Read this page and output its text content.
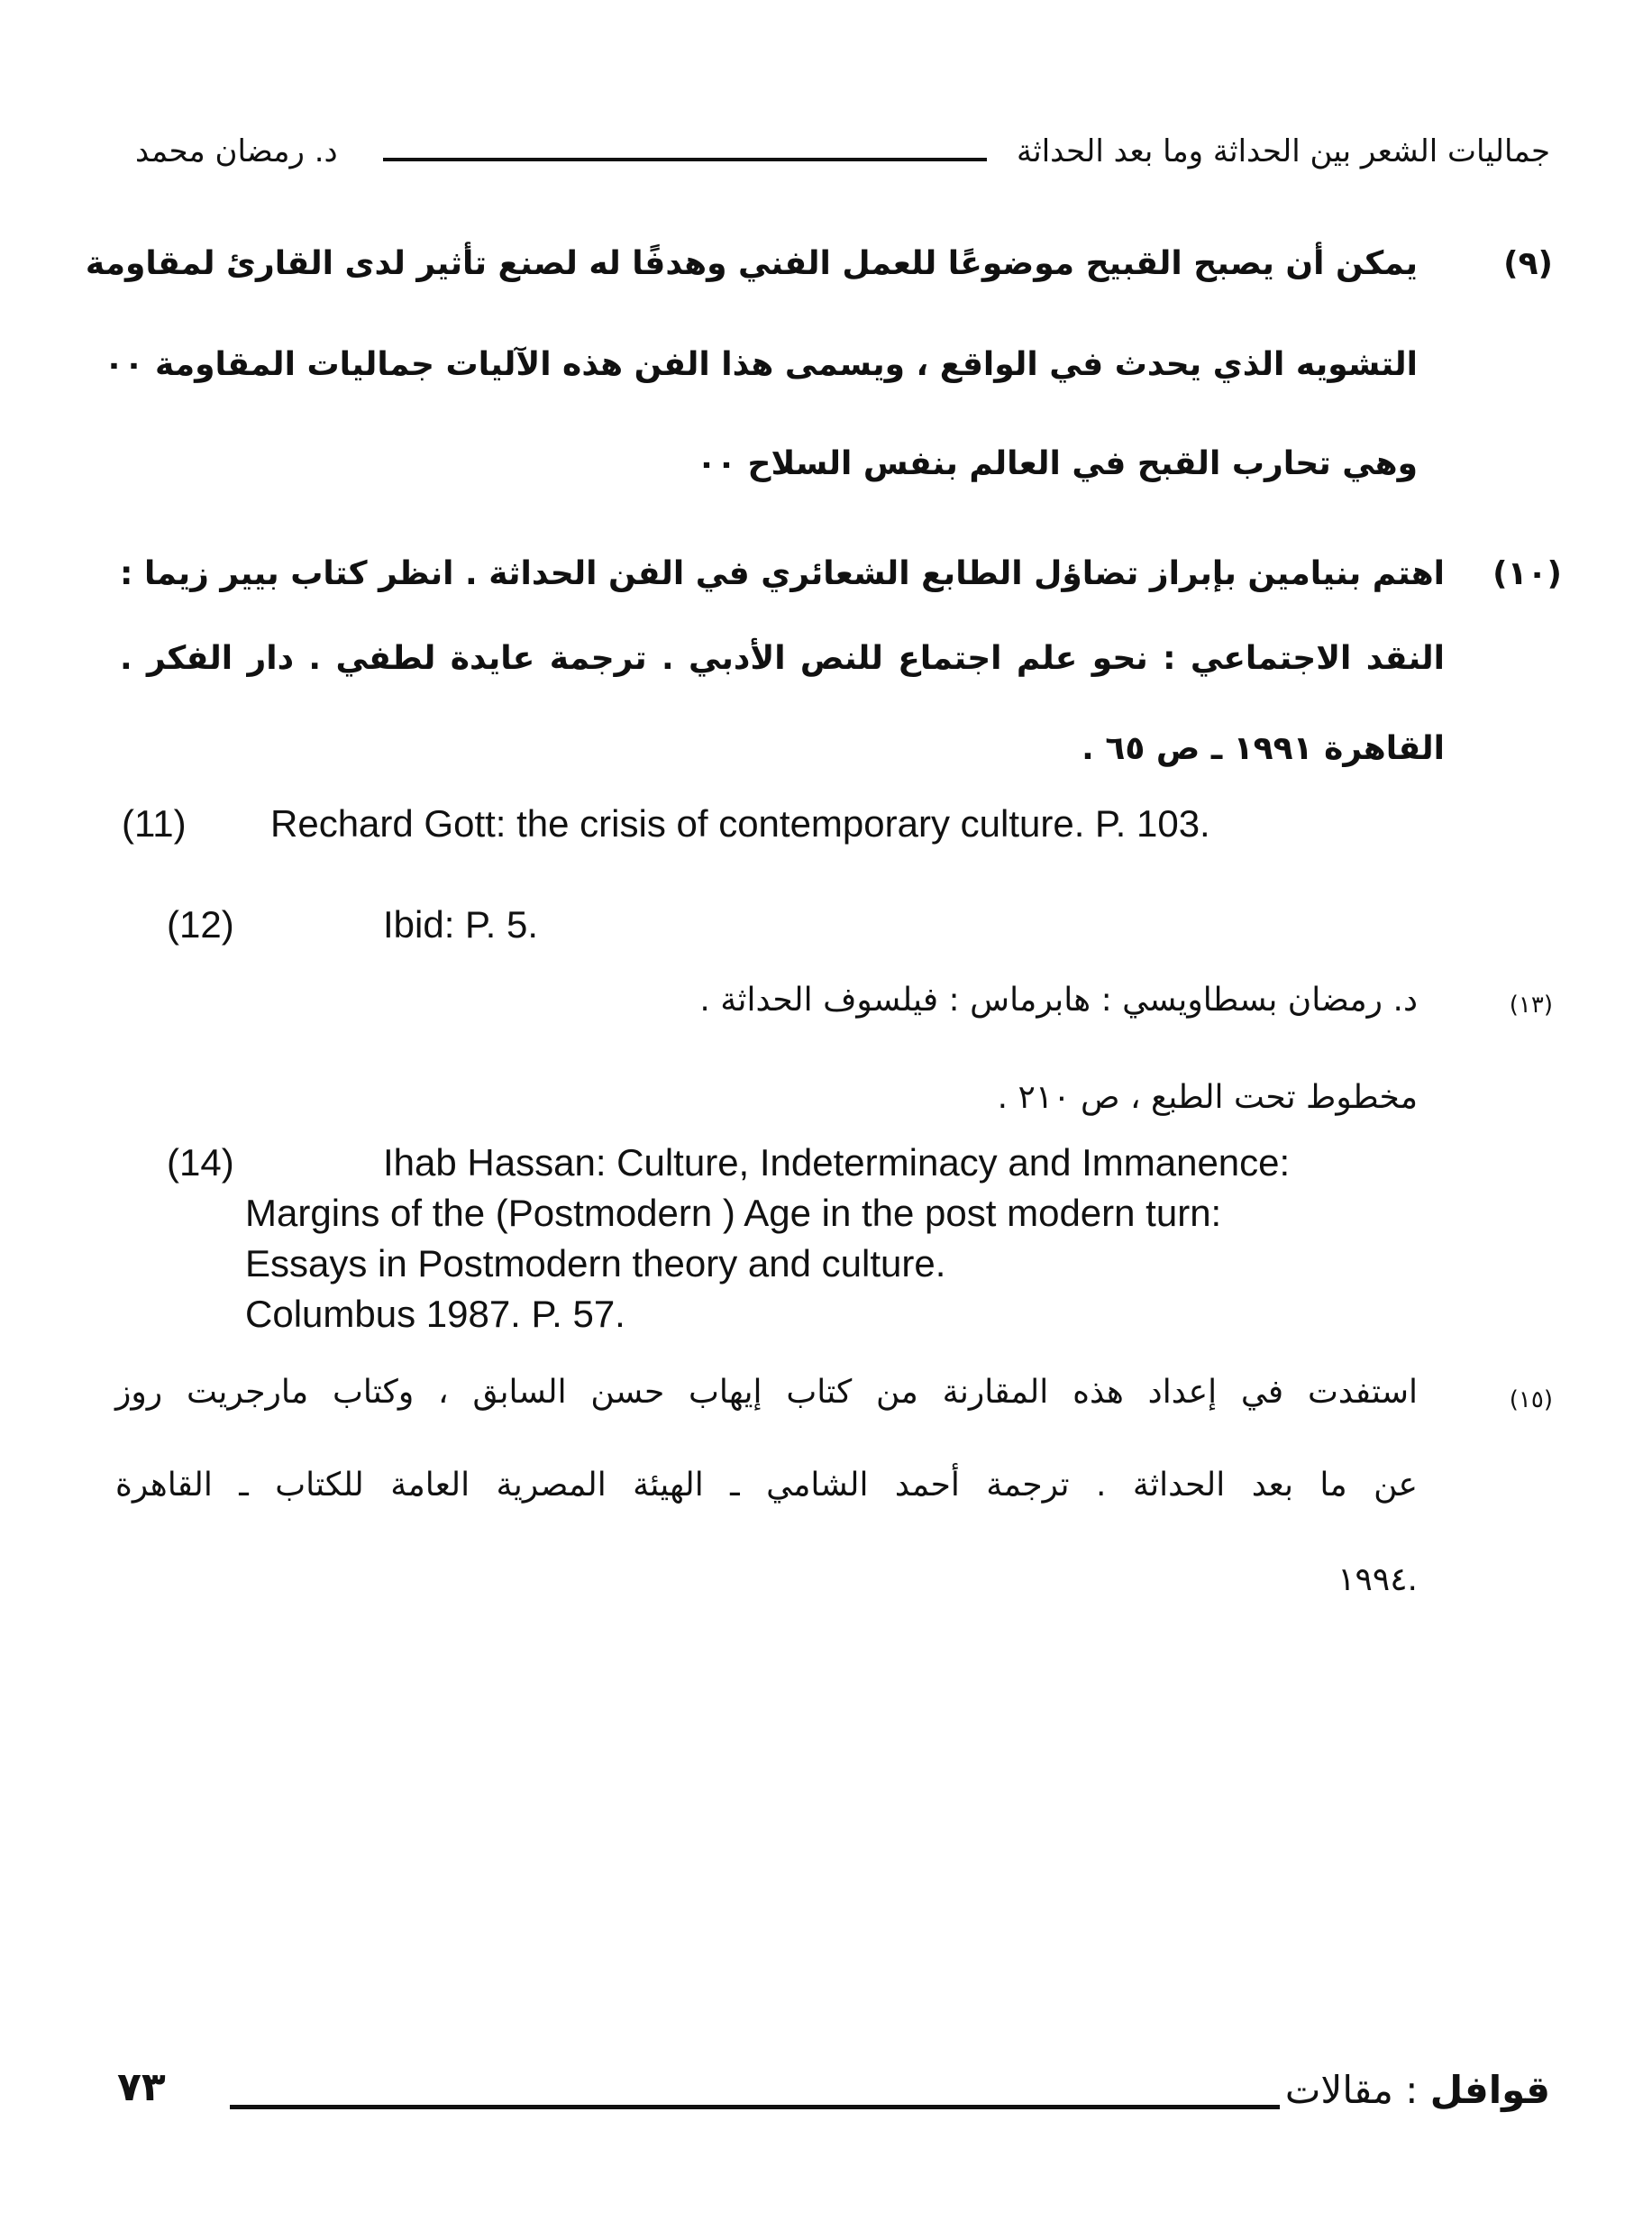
جماليات الشعر بين الحداثة وما بعد الحداثة
د. رمضان محمد
(٩)
يمكن أن يصبح القبيح موضوعًا للعمل الفني وهدفًا له لصنع تأثير لدى القارئ لمقاومة
التشويه الذي يحدث في الواقع ، ويسمى هذا الفن هذه الآليات جماليات المقاومة ٠٠
وهي تحارب القبح في العالم بنفس السلاح ٠٠
(١٠)
اهتم بنيامين بإبراز تضاؤل الطابع الشعائري في الفن الحداثة . انظر كتاب بيير زيما :
النقد الاجتماعي : نحو علم اجتماع للنص الأدبي . ترجمة عايدة لطفي . دار الفكر .
القاهرة ١٩٩١ ـ ص ٦٥ .
(11) Rechard Gott: the crisis of contemporary culture. P. 103.
(12)	Ibid: P. 5.
(١٣)
د. رمضان بسطاويسي : هابرماس : فيلسوف الحداثة .
مخطوط تحت الطبع ، ص ٢١٠ .
(14)	Ihab Hassan: Culture, Indeterminacy and Immanence:
Margins of the (Postmodern ) Age in the post modern turn:
Essays in Postmodern theory and culture.
Columbus 1987. P. 57.
(١٥)
استفدت في إعداد هذه المقارنة من كتاب إيهاب حسن السابق ، وكتاب مارجريت روز
عن ما بعد الحداثة . ترجمة أحمد الشامي ـ الهيئة المصرية العامة للكتاب ـ القاهرة
.١٩٩٤
٧٣	قوافل : مقالات
